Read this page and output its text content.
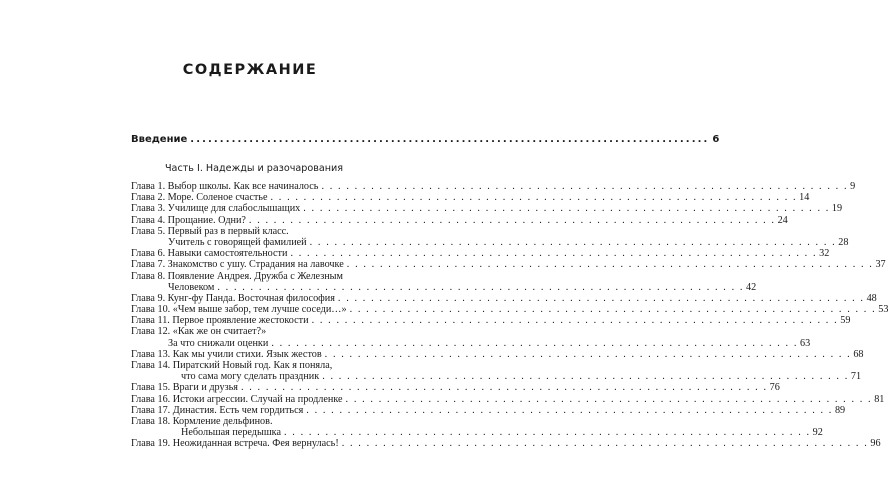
СОДЕРЖАНИЕ
Введение ........................................................................................ 6
Часть I. Надежды и разочарования
Глава 1. Выбор школы. Как все начиналось . . . . . . . . . . . . . . . . . . . . . . . . . . . . . . . . . . . . . . . . . . . . . . . . . . . . . . . . . . . . . . . . 9
Глава 2. Море. Соленое счастье . . . . . . . . . . . . . . . . . . . . . . . . . . . . . . . . . . . . . . . . . . . . . . . . . . . . . . . . . . . . . . . . 14
Глава 3. Училище для слабослышащих . . . . . . . . . . . . . . . . . . . . . . . . . . . . . . . . . . . . . . . . . . . . . . . . . . . . . . . . . . . . . . . . 19
Глава 4. Прощание. Одни? . . . . . . . . . . . . . . . . . . . . . . . . . . . . . . . . . . . . . . . . . . . . . . . . . . . . . . . . . . . . . . . . 24
Глава 5. Первый раз в первый класс.
Учитель с говорящей фамилией . . . . . . . . . . . . . . . . . . . . . . . . . . . . . . . . . . . . . . . . . . . . . . . . . . . . . . . . . . . . . . . . 28
Глава 6. Навыки самостоятельности . . . . . . . . . . . . . . . . . . . . . . . . . . . . . . . . . . . . . . . . . . . . . . . . . . . . . . . . . . . . . . . . 32
Глава 7. Знакомство с ушу. Страдания на лавочке . . . . . . . . . . . . . . . . . . . . . . . . . . . . . . . . . . . . . . . . . . . . . . . . . . . . . . . . . . . . . . . . 37
Глава 8. Появление Андрея. Дружба с Железным
Человеком . . . . . . . . . . . . . . . . . . . . . . . . . . . . . . . . . . . . . . . . . . . . . . . . . . . . . . . . . . . . . . . . 42
Глава 9. Кунг-фу Панда. Восточная философия . . . . . . . . . . . . . . . . . . . . . . . . . . . . . . . . . . . . . . . . . . . . . . . . . . . . . . . . . . . . . . . . 48
Глава 10. «Чем выше забор, тем лучше соседи…» . . . . . . . . . . . . . . . . . . . . . . . . . . . . . . . . . . . . . . . . . . . . . . . . . . . . . . . . . . . . . . . . 53
Глава 11. Первое проявление жестокости . . . . . . . . . . . . . . . . . . . . . . . . . . . . . . . . . . . . . . . . . . . . . . . . . . . . . . . . . . . . . . . . 59
Глава 12. «Как же он считает?»
За что снижали оценки . . . . . . . . . . . . . . . . . . . . . . . . . . . . . . . . . . . . . . . . . . . . . . . . . . . . . . . . . . . . . . . . 63
Глава 13. Как мы учили стихи. Язык жестов . . . . . . . . . . . . . . . . . . . . . . . . . . . . . . . . . . . . . . . . . . . . . . . . . . . . . . . . . . . . . . . . 68
Глава 14. Пиратский Новый год. Как я поняла,
что сама могу сделать праздник . . . . . . . . . . . . . . . . . . . . . . . . . . . . . . . . . . . . . . . . . . . . . . . . . . . . . . . . . . . . . . . . 71
Глава 15. Враги и друзья . . . . . . . . . . . . . . . . . . . . . . . . . . . . . . . . . . . . . . . . . . . . . . . . . . . . . . . . . . . . . . . . 76
Глава 16. Истоки агрессии. Случай на продленке . . . . . . . . . . . . . . . . . . . . . . . . . . . . . . . . . . . . . . . . . . . . . . . . . . . . . . . . . . . . . . . . 81
Глава 17. Династия. Есть чем гордиться . . . . . . . . . . . . . . . . . . . . . . . . . . . . . . . . . . . . . . . . . . . . . . . . . . . . . . . . . . . . . . . . 89
Глава 18. Кормление дельфинов.
Небольшая передышка . . . . . . . . . . . . . . . . . . . . . . . . . . . . . . . . . . . . . . . . . . . . . . . . . . . . . . . . . . . . . . . . 92
Глава 19. Неожиданная встреча. Фея вернулась! . . . . . . . . . . . . . . . . . . . . . . . . . . . . . . . . . . . . . . . . . . . . . . . . . . . . . . . . . . . . . . . . 96
